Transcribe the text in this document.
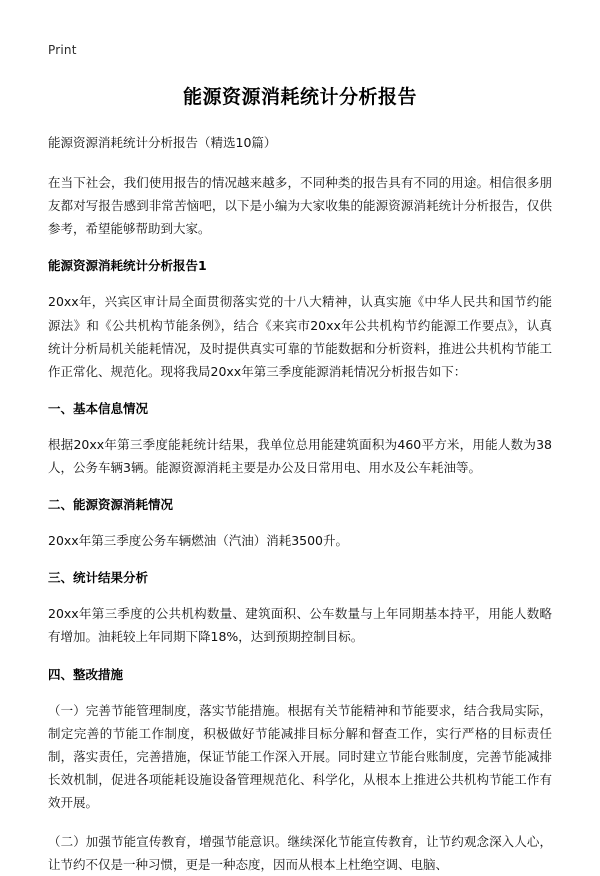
Print
能源资源消耗统计分析报告
能源资源消耗统计分析报告（精选10篇）

在当下社会，我们使用报告的情况越来越多，不同种类的报告具有不同的用途。相信很多朋友都对写报告感到非常苦恼吧，以下是小编为大家收集的能源资源消耗统计分析报告，仅供参考，希望能够帮助到大家。

能源资源消耗统计分析报告1

20xx年，兴宾区审计局全面贯彻落实党的十八大精神，认真实施《中华人民共和国节约能源法》和《公共机构节能条例》，结合《来宾市20xx年公共机构节约能源工作要点》，认真统计分析局机关能耗情况，及时提供真实可靠的节能数据和分析资料，推进公共机构节能工作正常化、规范化。现将我局20xx年第三季度能源消耗情况分析报告如下：

一、基本信息情况

根据20xx年第三季度能耗统计结果，我单位总用能建筑面积为460平方米，用能人数为38人，公务车辆3辆。能源资源消耗主要是办公及日常用电、用水及公车耗油等。

二、能源资源消耗情况

20xx年第三季度公务车辆燃油（汽油）消耗3500升。

三、统计结果分析

20xx年第三季度的公共机构数量、建筑面积、公车数量与上年同期基本持平，用能人数略有增加。油耗较上年同期下降18%，达到预期控制目标。

四、整改措施

（一）完善节能管理制度，落实节能措施。根据有关节能精神和节能要求，结合我局实际，制定完善的节能工作制度，积极做好节能减排目标分解和督查工作，实行严格的目标责任制，落实责任，完善措施，保证节能工作深入开展。同时建立节能台账制度，完善节能减排长效机制，促进各项能耗设施设备管理规范化、科学化，从根本上推进公共机构节能工作有效开展。

（二）加强节能宣传教育，增强节能意识。继续深化节能宣传教育，让节约观念深入人心，让节约不仅是一种习惯，更是一种态度，因而从根本上杜绝空调、电脑、
